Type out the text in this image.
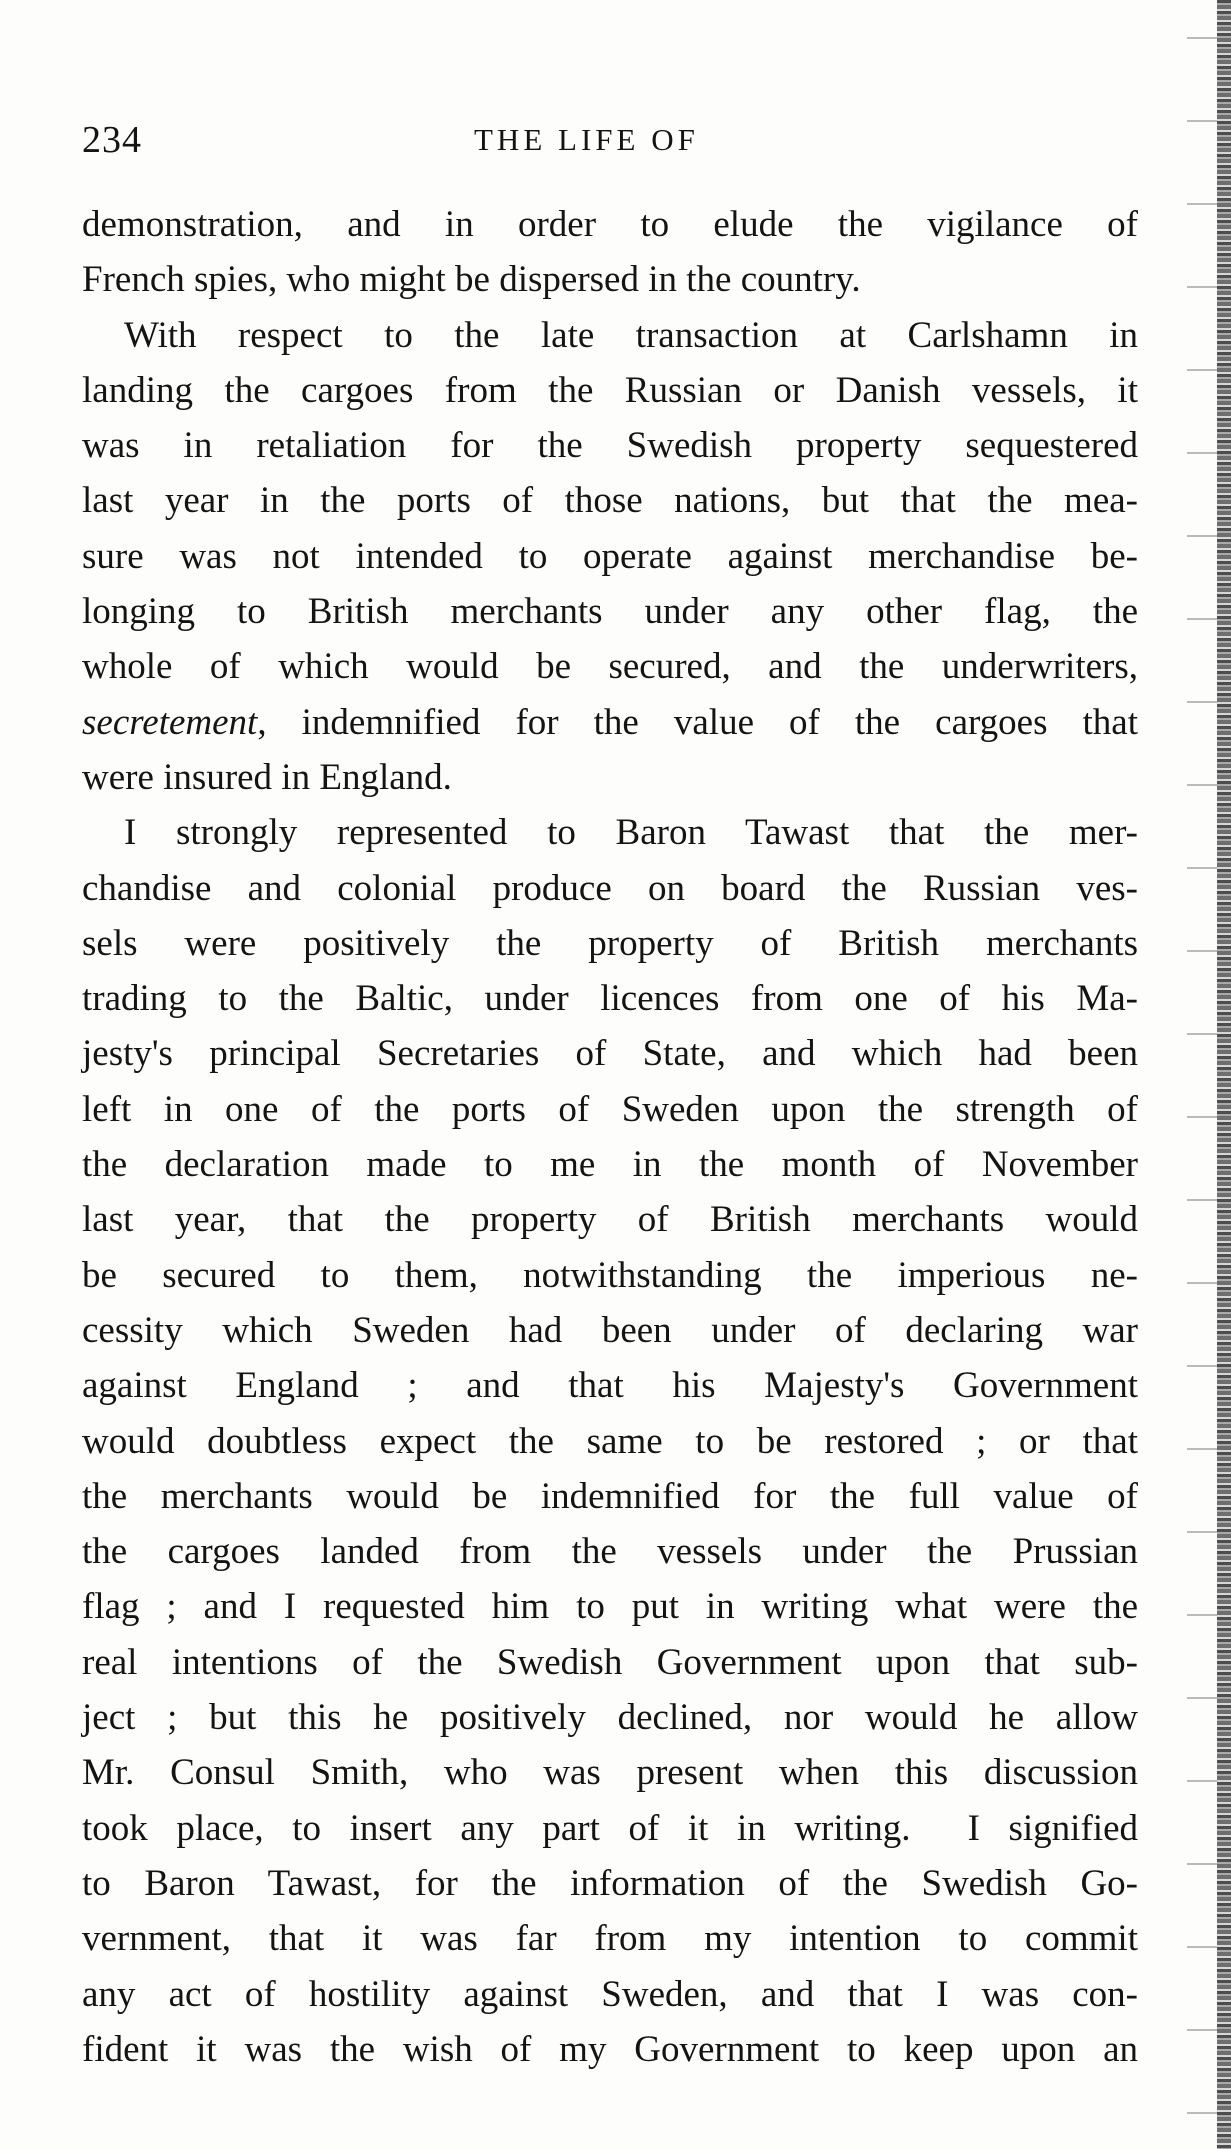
234	THE LIFE OF
demonstration, and in order to elude the vigilance of
French spies, who might be dispersed in the country.
With respect to the late transaction at Carlshamn in
landing the cargoes from the Russian or Danish vessels, it
was in retaliation for the Swedish property sequestered
last year in the ports of those nations, but that the mea-
sure was not intended to operate against merchandise be-
longing to British merchants under any other flag, the
whole of which would be secured, and the underwriters,
secretement, indemnified for the value of the cargoes that
were insured in England.
I strongly represented to Baron Tawast that the mer-
chandise and colonial produce on board the Russian ves-
sels were positively the property of British merchants
trading to the Baltic, under licences from one of his Ma-
jesty's principal Secretaries of State, and which had been
left in one of the ports of Sweden upon the strength of
the declaration made to me in the month of November
last year, that the property of British merchants would
be secured to them, notwithstanding the imperious ne-
cessity which Sweden had been under of declaring war
against England ; and that his Majesty's Government
would doubtless expect the same to be restored ; or that
the merchants would be indemnified for the full value of
the cargoes landed from the vessels under the Prussian
flag ; and I requested him to put in writing what were the
real intentions of the Swedish Government upon that sub-
ject ; but this he positively declined, nor would he allow
Mr. Consul Smith, who was present when this discussion
took place, to insert any part of it in writing.  I signified
to Baron Tawast, for the information of the Swedish Go-
vernment, that it was far from my intention to commit
any act of hostility against Sweden, and that I was con-
fident it was the wish of my Government to keep upon an
